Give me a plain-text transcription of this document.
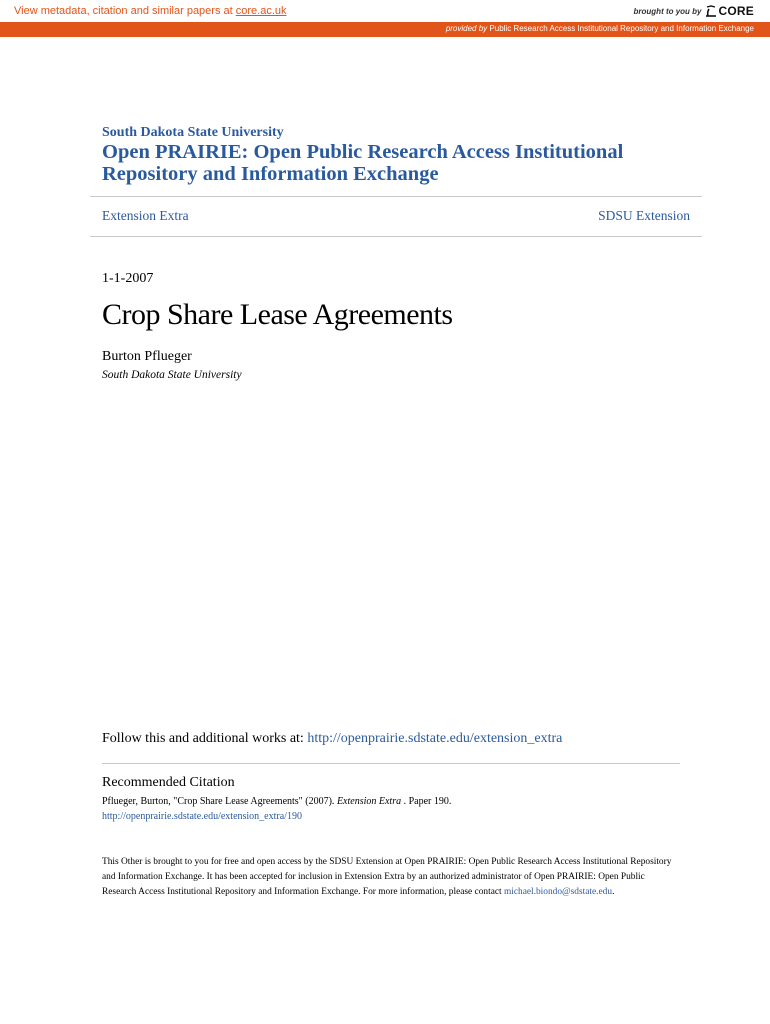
View metadata, citation and similar papers at core.ac.uk	brought to you by CORE
provided by Public Research Access Institutional Repository and Information Exchange
South Dakota State University
Open PRAIRIE: Open Public Research Access Institutional Repository and Information Exchange
Extension Extra	SDSU Extension
1-1-2007
Crop Share Lease Agreements
Burton Pflueger
South Dakota State University
Follow this and additional works at: http://openprairie.sdstate.edu/extension_extra
Recommended Citation
Pflueger, Burton, "Crop Share Lease Agreements" (2007). Extension Extra . Paper 190.
http://openprairie.sdstate.edu/extension_extra/190
This Other is brought to you for free and open access by the SDSU Extension at Open PRAIRIE: Open Public Research Access Institutional Repository and Information Exchange. It has been accepted for inclusion in Extension Extra by an authorized administrator of Open PRAIRIE: Open Public Research Access Institutional Repository and Information Exchange. For more information, please contact michael.biondo@sdstate.edu.
